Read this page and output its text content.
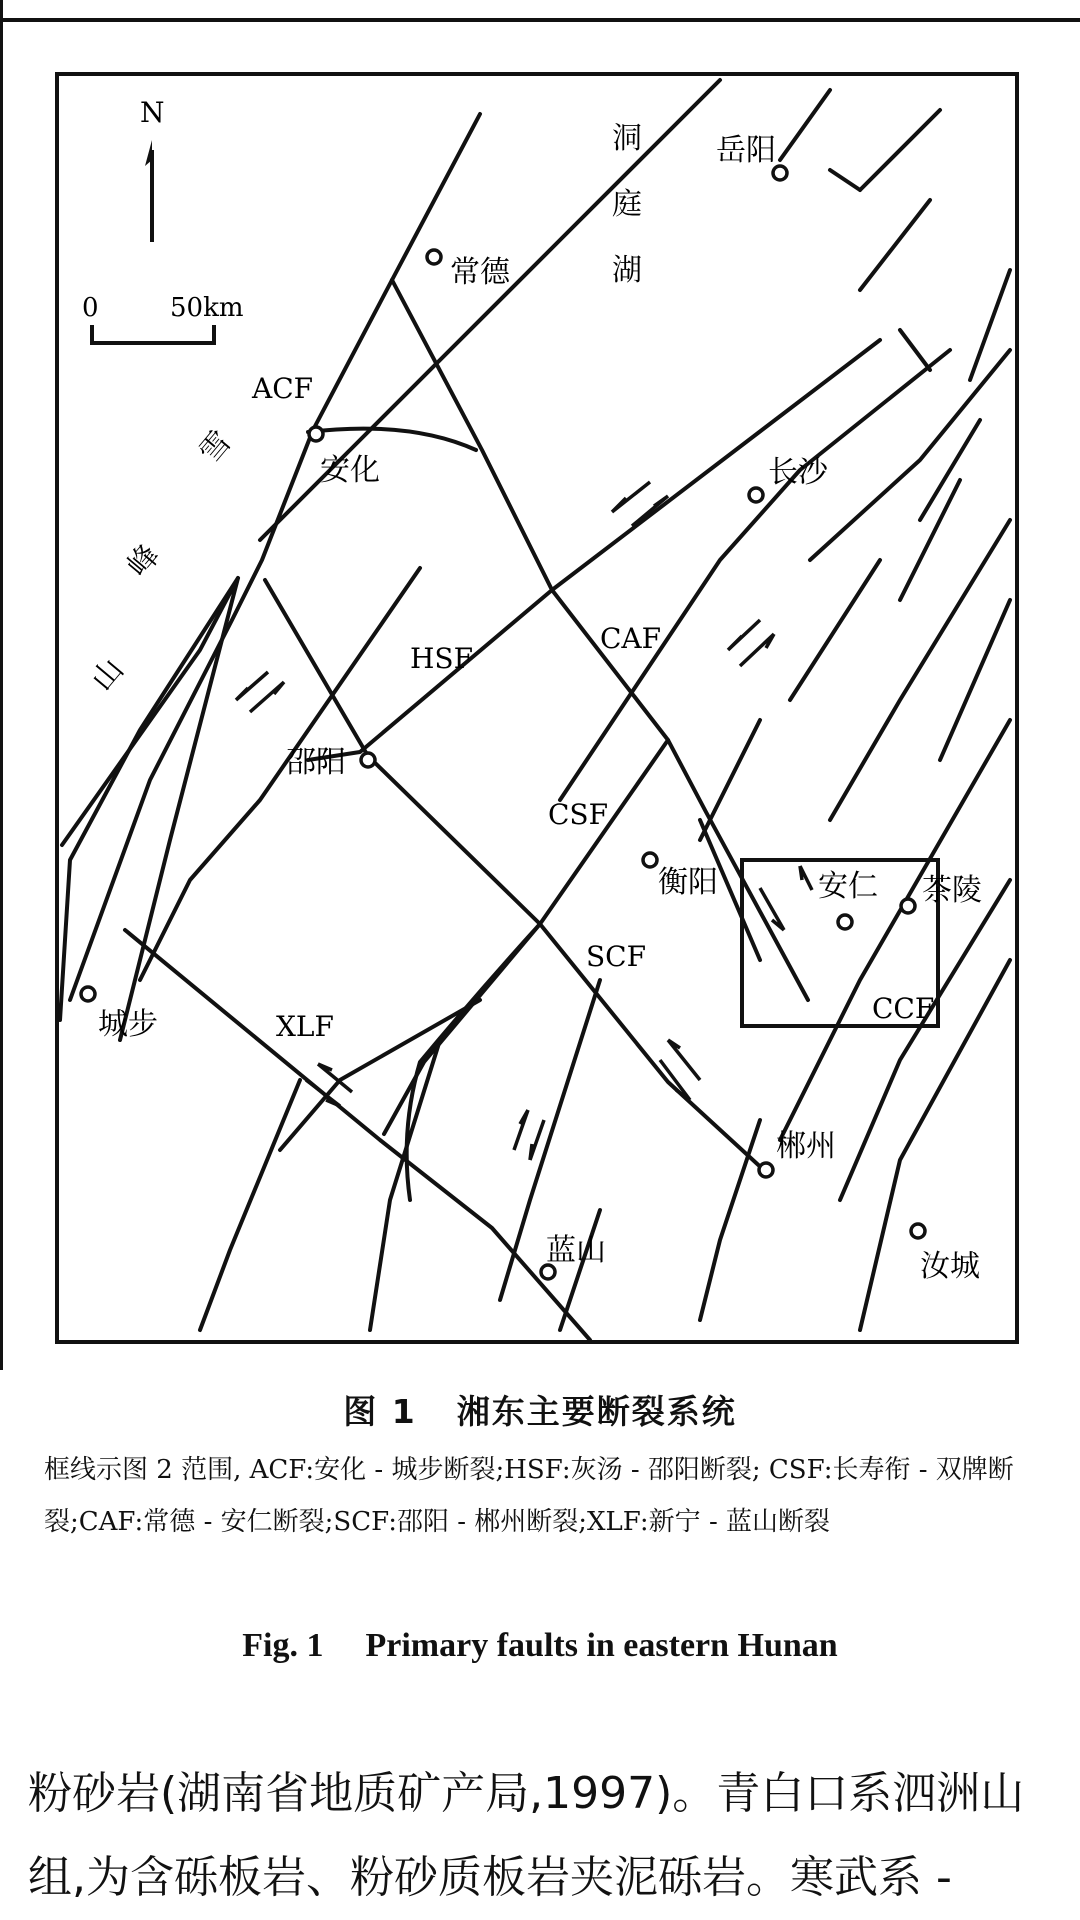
N
0	50km
洞
庭
湖
雪
峰
山
岳阳
常德
安化	长沙
邵阳
衡阳	安仁 茶陵
城步
郴州
蓝山	汝城
ACF
HSF
CAF
CSF
SCF
XLF
CCF
图 1 湘东主要断裂系统
框线示图 2 范围, ACF:安化 - 城步断裂;HSF:灰汤 - 邵阳断裂; CSF:长寿衔 - 双牌断裂;CAF:常德 - 安仁断裂;SCF:邵阳 - 郴州断裂;XLF:新宁 - 蓝山断裂
Fig. 1 Primary faults in eastern Hunan
粉砂岩(湖南省地质矿产局,1997)。青白口系泗洲山组,为含砾板岩、粉砂质板岩夹泥砾岩。寒武系 -
